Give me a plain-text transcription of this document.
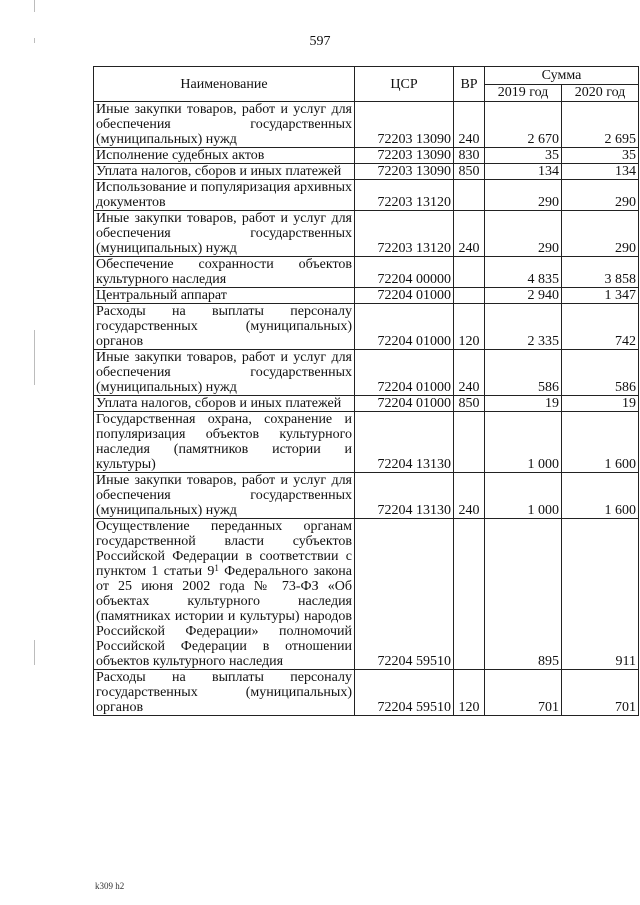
597
Наименование	ЦСР	ВР	Сумма	
			2019 год	2020 год
Иные закупки товаров, работ и услуг для обеспечения государственных (муниципальных) нужд	72203 13090	240	2 670	2 695
Исполнение судебных актов	72203 13090	830	35	35
Уплата налогов, сборов и иных платежей	72203 13090	850	134	134
Использование и популяризация архивных документов	72203 13120		290	290
Иные закупки товаров, работ и услуг для обеспечения государственных (муниципальных) нужд	72203 13120	240	290	290
Обеспечение сохранности объектов культурного наследия	72204 00000		4 835	3 858
Центральный аппарат	72204 01000		2 940	1 347
Расходы на выплаты персоналу государственных (муниципальных) органов	72204 01000	120	2 335	742
Иные закупки товаров, работ и услуг для обеспечения государственных (муниципальных) нужд	72204 01000	240	586	586
Уплата налогов, сборов и иных платежей	72204 01000	850	19	19
Государственная охрана, сохранение и популяризация объектов культурного наследия (памятников истории и культуры)	72204 13130		1 000	1 600
Иные закупки товаров, работ и услуг для обеспечения государственных (муниципальных) нужд	72204 13130	240	1 000	1 600
Осуществление переданных органам государственной власти субъектов Российской Федерации в соответствии с пунктом 1 статьи $9^1$ Федерального закона от 25 июня 2002 года № 73-ФЗ «Об объектах культурного наследия (памятниках истории и культуры) народов Российской Федерации» полномочий Российской Федерации в отношении объектов культурного наследия	72204 59510		895	911
Расходы на выплаты персоналу государственных (муниципальных) органов	72204 59510	120	701	701
k309 h2
